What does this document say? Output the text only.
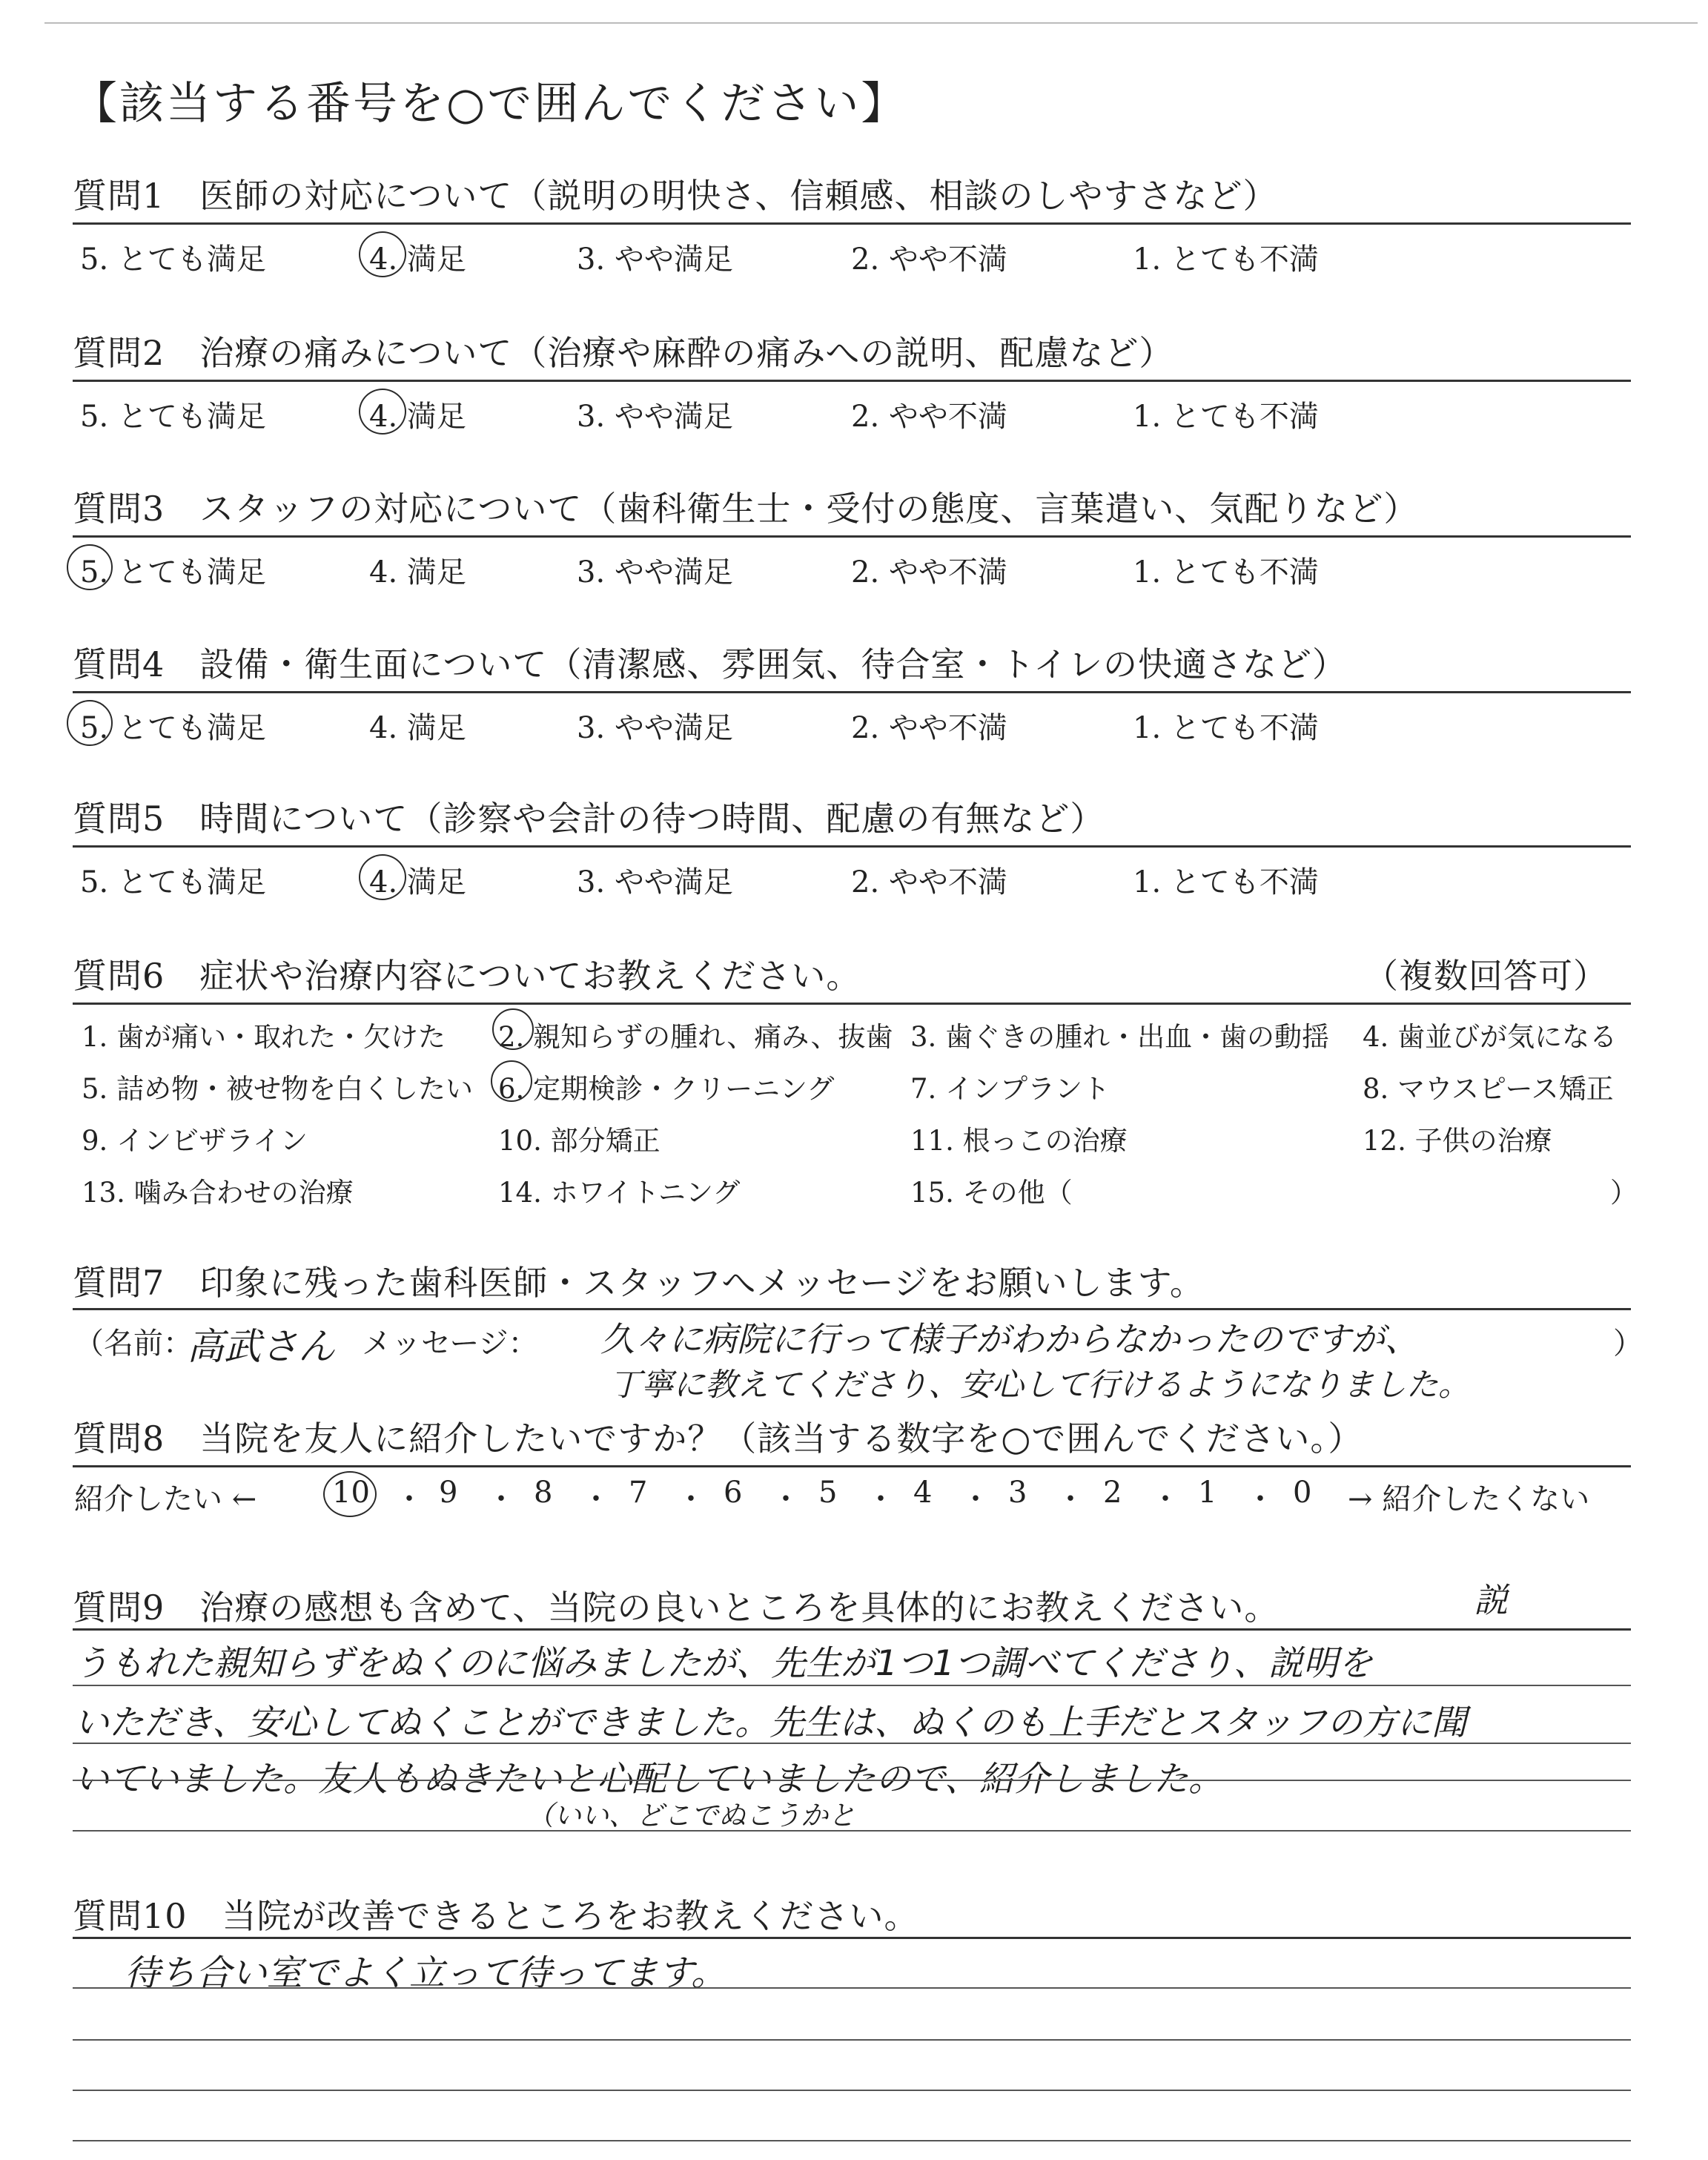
【該当する番号を○で囲んでください】
質問1　医師の対応について（説明の明快さ、信頼感、相談のしやすさなど）
5. とても満足	4. 満足	3. やや満足	2. やや不満	1. とても不満
質問2　治療の痛みについて（治療や麻酔の痛みへの説明、配慮など）
5. とても満足	4. 満足	3. やや満足	2. やや不満	1. とても不満
質問3　スタッフの対応について（歯科衛生士・受付の態度、言葉遣い、気配りなど）
5. とても満足	4. 満足	3. やや満足	2. やや不満	1. とても不満
質問4　設備・衛生面について（清潔感、雰囲気、待合室・トイレの快適さなど）
5. とても満足	4. 満足	3. やや満足	2. やや不満	1. とても不満
質問5　時間について（診察や会計の待つ時間、配慮の有無など）
5. とても満足	4. 満足	3. やや満足	2. やや不満	1. とても不満
質問6　症状や治療内容についてお教えください。	（複数回答可）
1. 歯が痛い・取れた・欠けた 2. 親知らずの腫れ、痛み、抜歯 3. 歯ぐきの腫れ・出血・歯の動揺 4. 歯並びが気になる
5. 詰め物・被せ物を白くしたい 6. 定期検診・クリーニング	7. インプラント	8. マウスピース矯正
9. インビザライン	10. 部分矯正	11. 根っこの治療	12. 子供の治療
13. 噛み合わせの治療	14. ホワイトニング	15. その他（	）
質問7　印象に残った歯科医師・スタッフへメッセージをお願いします。
（名前：
高武さん メッセージ： 久々に病院に行って様子がわからなかったのですが、	）
丁寧に教えてくださり、安心して行けるようになりました。
質問8　当院を友人に紹介したいですか？（該当する数字を○で囲んでください。）
紹介したい ←	10 ・ 9 ・ 8 ・ 7 ・ 6 ・ 5 ・ 4 ・ 3 ・ 2 ・ 1 ・ 0 → 紹介したくない
質問9　治療の感想も含めて、当院の良いところを具体的にお教えください。	説
うもれた親知らずをぬくのに悩みましたが、先生が1つ1つ調べてくださり、説明を
いただき、安心してぬくことができました。先生は、ぬくのも上手だとスタッフの方に聞
いていました。友人もぬきたいと心配していましたので、紹介しました。
（いい、どこでぬこうかと
質問10　当院が改善できるところをお教えください。
待ち合い室でよく立って待ってます。
